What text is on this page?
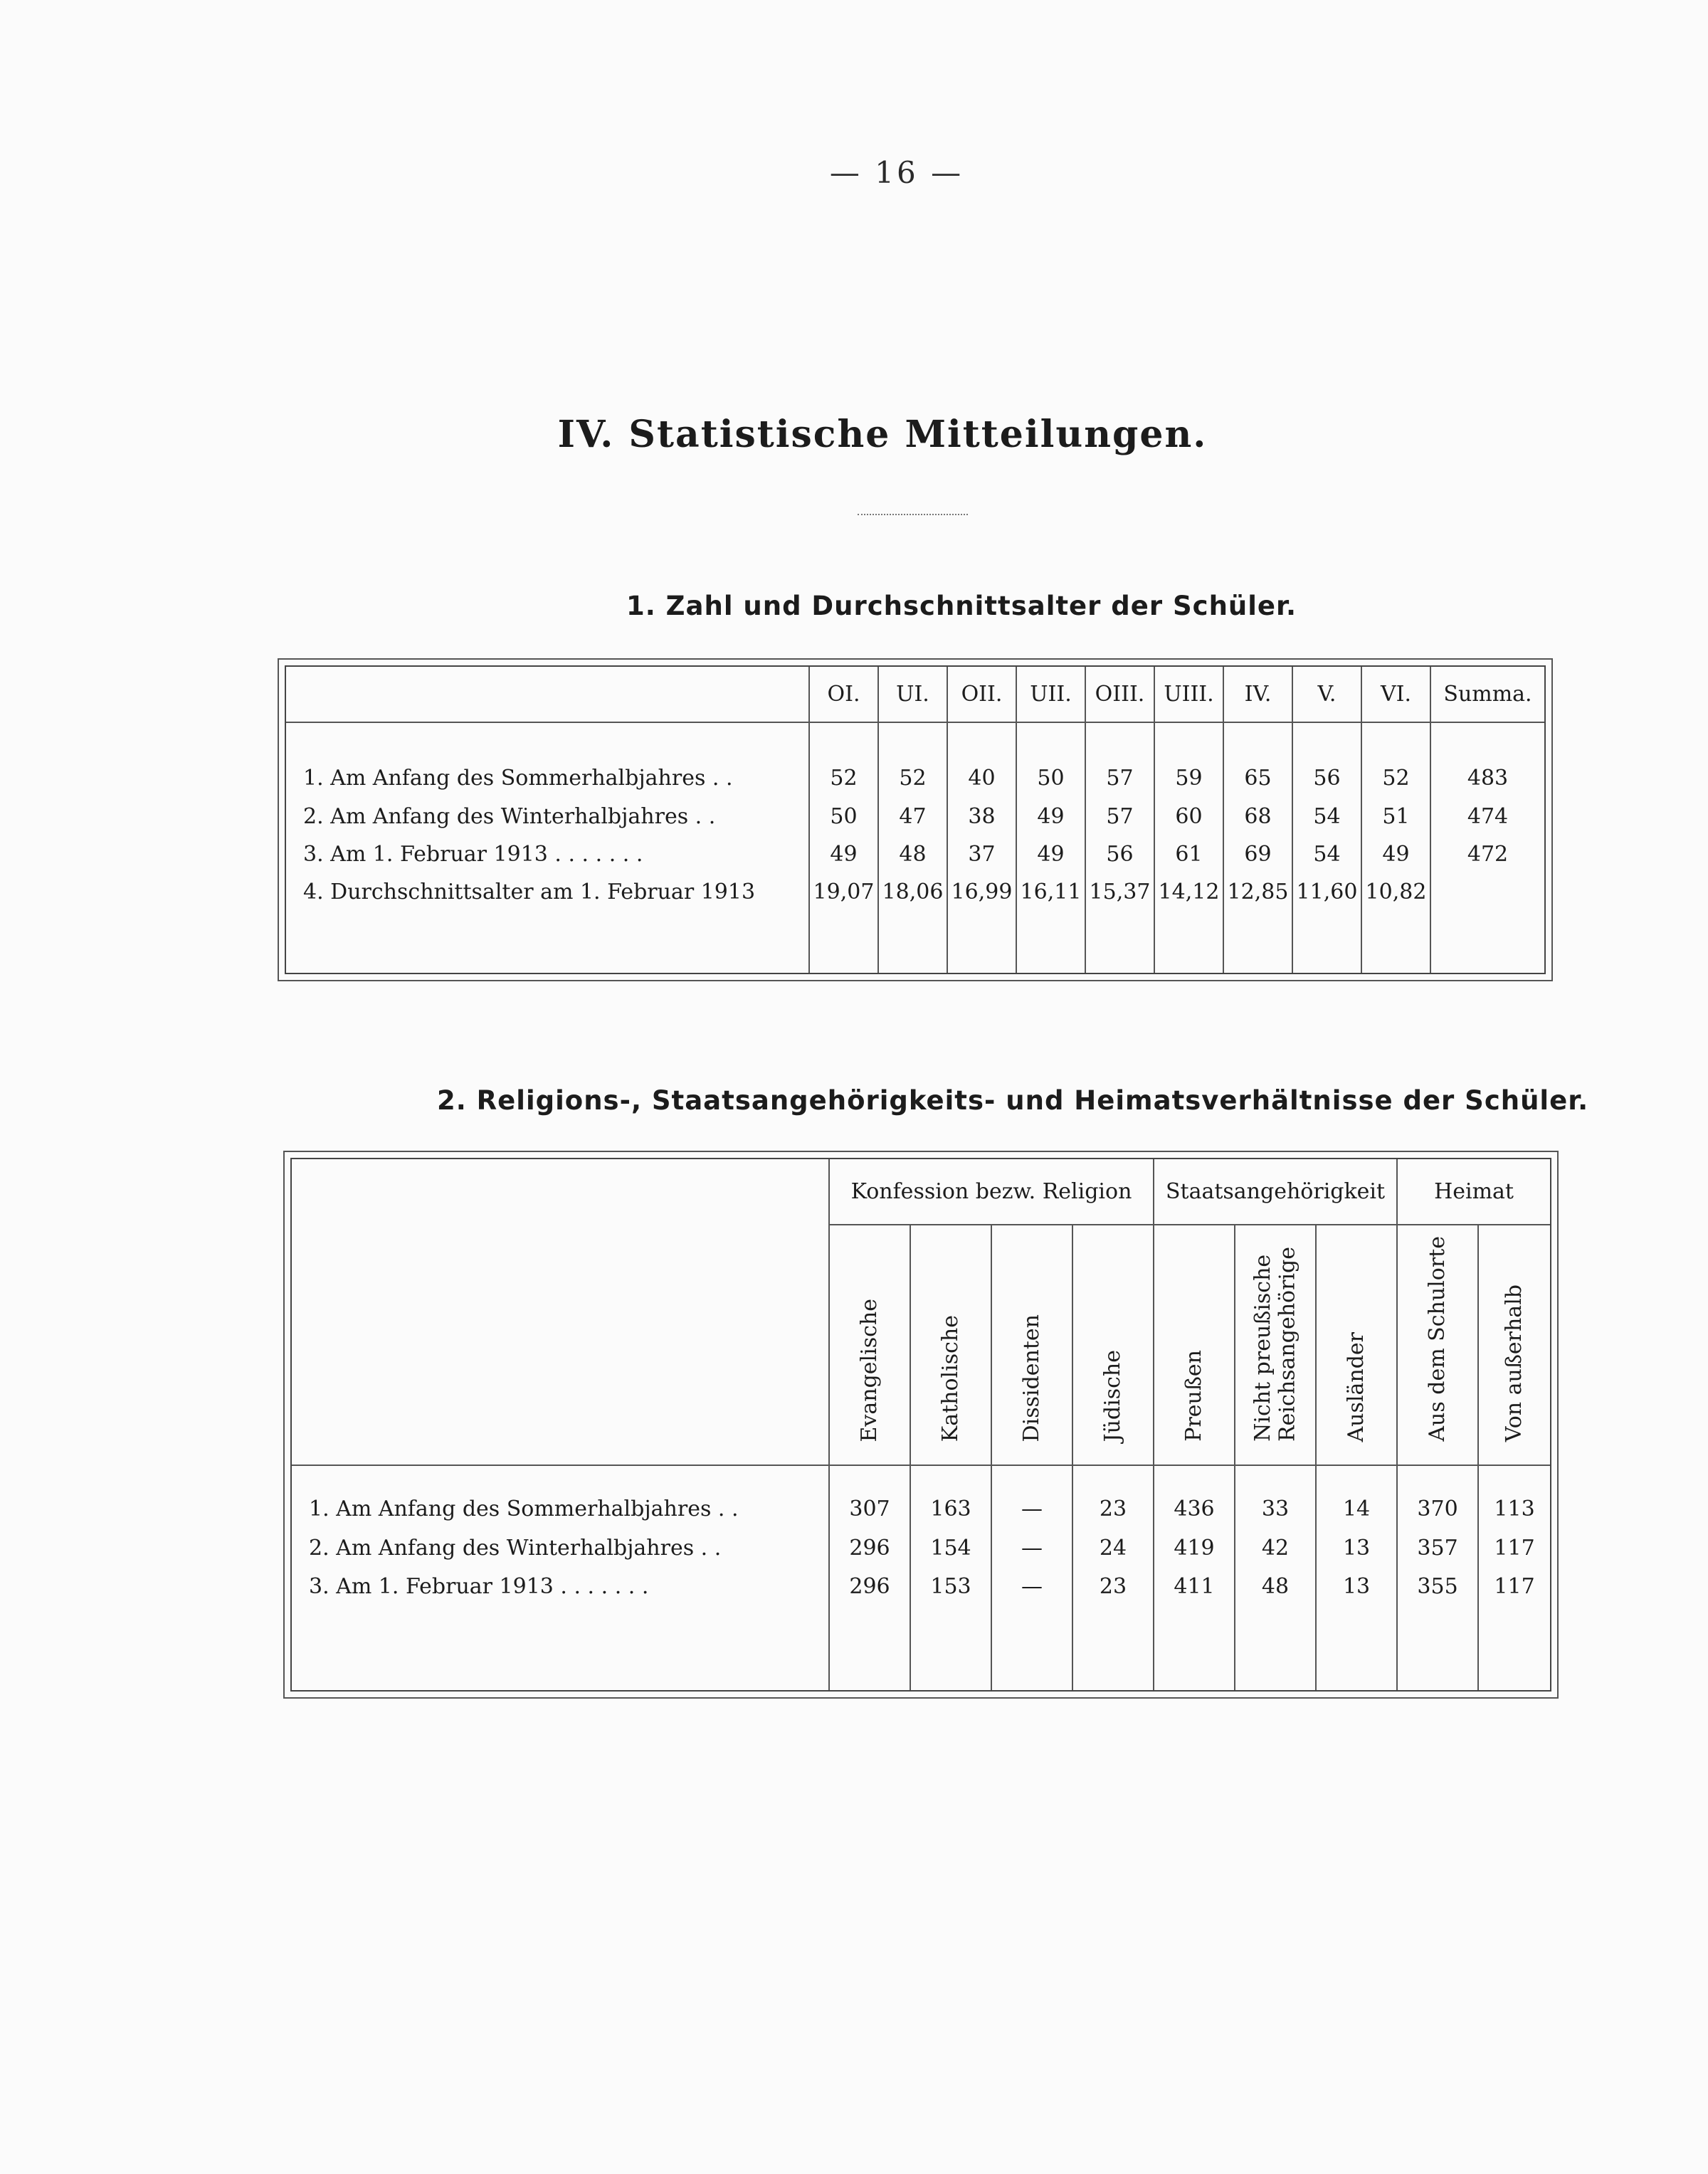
— 16 —
IV. Statistische Mitteilungen.
1. Zahl und Durchschnittsalter der Schüler.
	OI.	UI.	OII.	UII.	OIII.	UIII.	IV.	V.	VI.	Summa.

1. Am Anfang des Sommerhalbjahres . .	52	52	40	50	57	59	65	56	52	483
2. Am Anfang des Winterhalbjahres . .	50	47	38	49	57	60	68	54	51	474
3. Am 1. Februar 1913 . . . . . . .	49	48	37	49	56	61	69	54	49	472
4. Durchschnittsalter am 1. Februar 1913	19,07	18,06	16,99	16,11	15,37	14,12	12,85	11,60	10,82	

2. Religions-, Staatsangehörigkeits- und Heimatsverhältnisse der Schüler.
	Konfession bezw. Religion				Staatsangehörigkeit			Heimat	
	Evangelische	Katholische	Dissidenten	Jüdische	Preußen	Nicht preußische
Reichsangehörige	Ausländer	Aus dem Schulorte	Von außerhalb

1. Am Anfang des Sommerhalbjahres . .	307	163	—	23	436	33	14	370	113
2. Am Anfang des Winterhalbjahres . .	296	154	—	24	419	42	13	357	117
3. Am 1. Februar 1913 . . . . . . .	296	153	—	23	411	48	13	355	117
